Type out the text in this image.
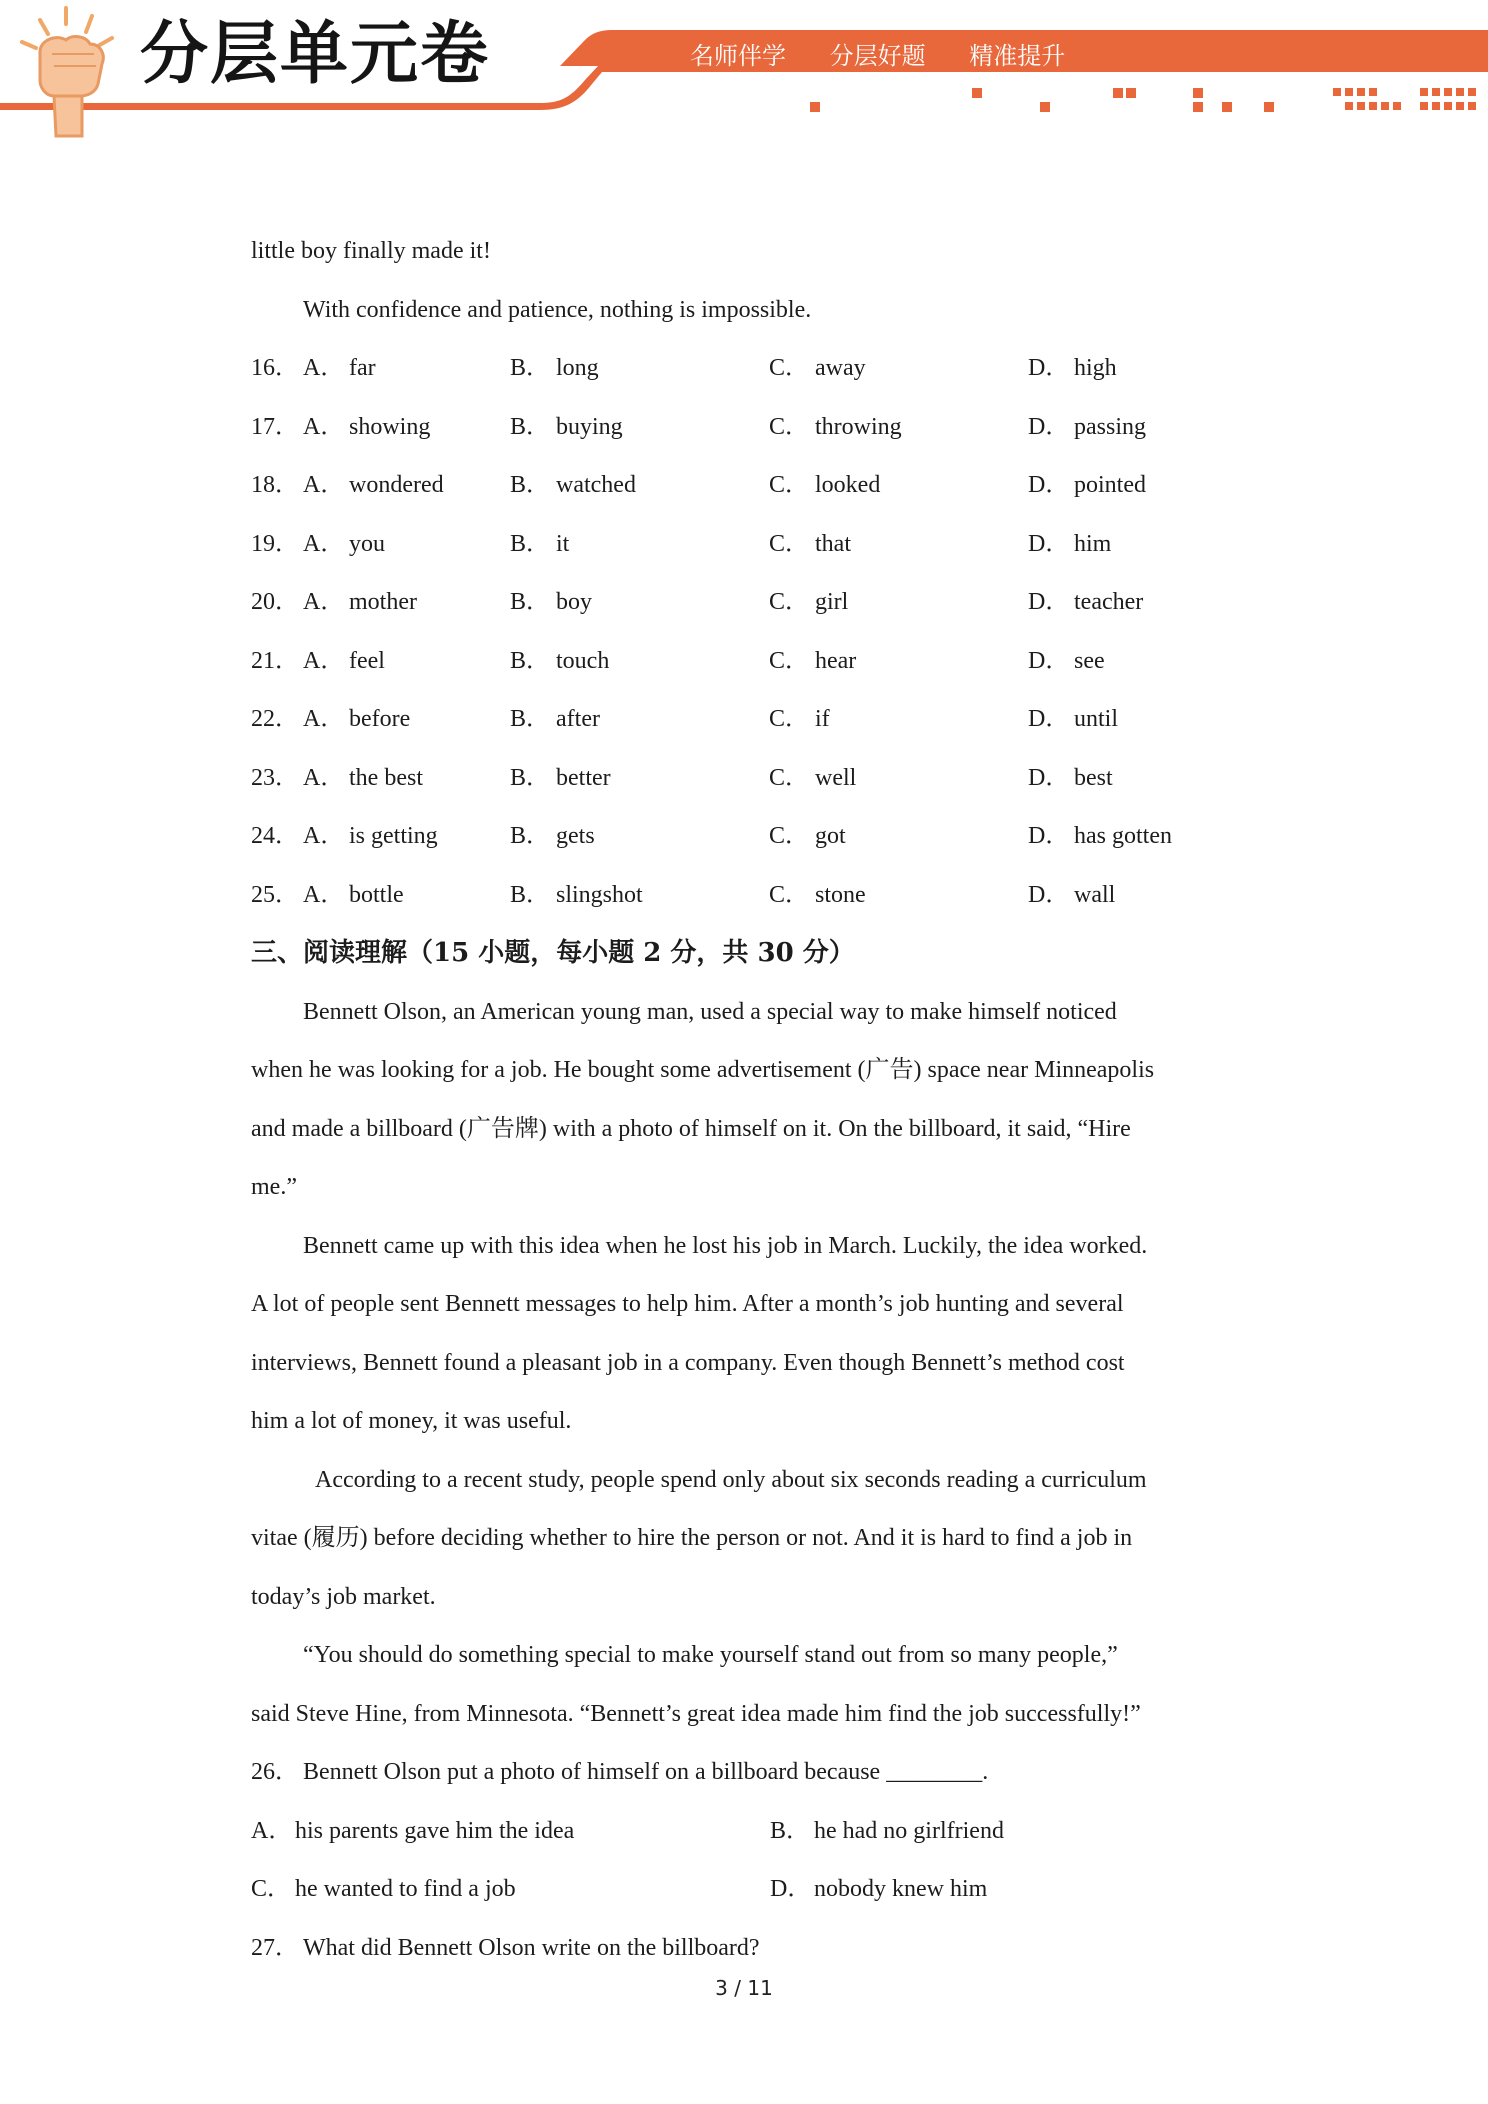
分层单元卷	名师伴学 分层好题 精准提升

little boy finally made it!

With confidence and patience, nothing is impossible.

16． A． far	B． long	C． away	D． high
17． A． showing	B． buying	C． throwing	D． passing
18． A． wondered	B． watched	C． looked	D． pointed
19． A． you	B． it	C． that	D． him
20． A． mother	B． boy	C． girl	D． teacher
21． A． feel	B． touch	C． hear	D． see
22． A． before	B． after	C． if	D． until
23． A． the best	B． better	C． well	D． best
24． A． is getting	B． gets	C． got	D． has gotten
25． A． bottle	B． slingshot	C． stone	D． wall
三、阅读理解（15 小题，每小题 2 分，共 30 分）

Bennett Olson, an American young man, used a special way to make himself noticed

when he was looking for a job. He bought some advertisement (广告) space near Minneapolis

and made a billboard (广告牌) with a photo of himself on it. On the billboard, it said, “Hire

me.”

Bennett came up with this idea when he lost his job in March. Luckily, the idea worked.

A lot of people sent Bennett messages to help him. After a month’s job hunting and several

interviews, Bennett found a pleasant job in a company. Even though Bennett’s method cost

him a lot of money, it was useful.

According to a recent study, people spend only about six seconds reading a curriculum

vitae (履历) before deciding whether to hire the person or not. And it is hard to find a job in

today’s job market.

“You should do something special to make yourself stand out from so many people,”

said Steve Hine, from Minnesota. “Bennett’s great idea made him find the job successfully!”

26． Bennett Olson put a photo of himself on a billboard because ________.
A． his parents gave him the idea	B． he had no girlfriend
C． he wanted to find a job	D． nobody knew him
27． What did Bennett Olson write on the billboard?
3 / 11
